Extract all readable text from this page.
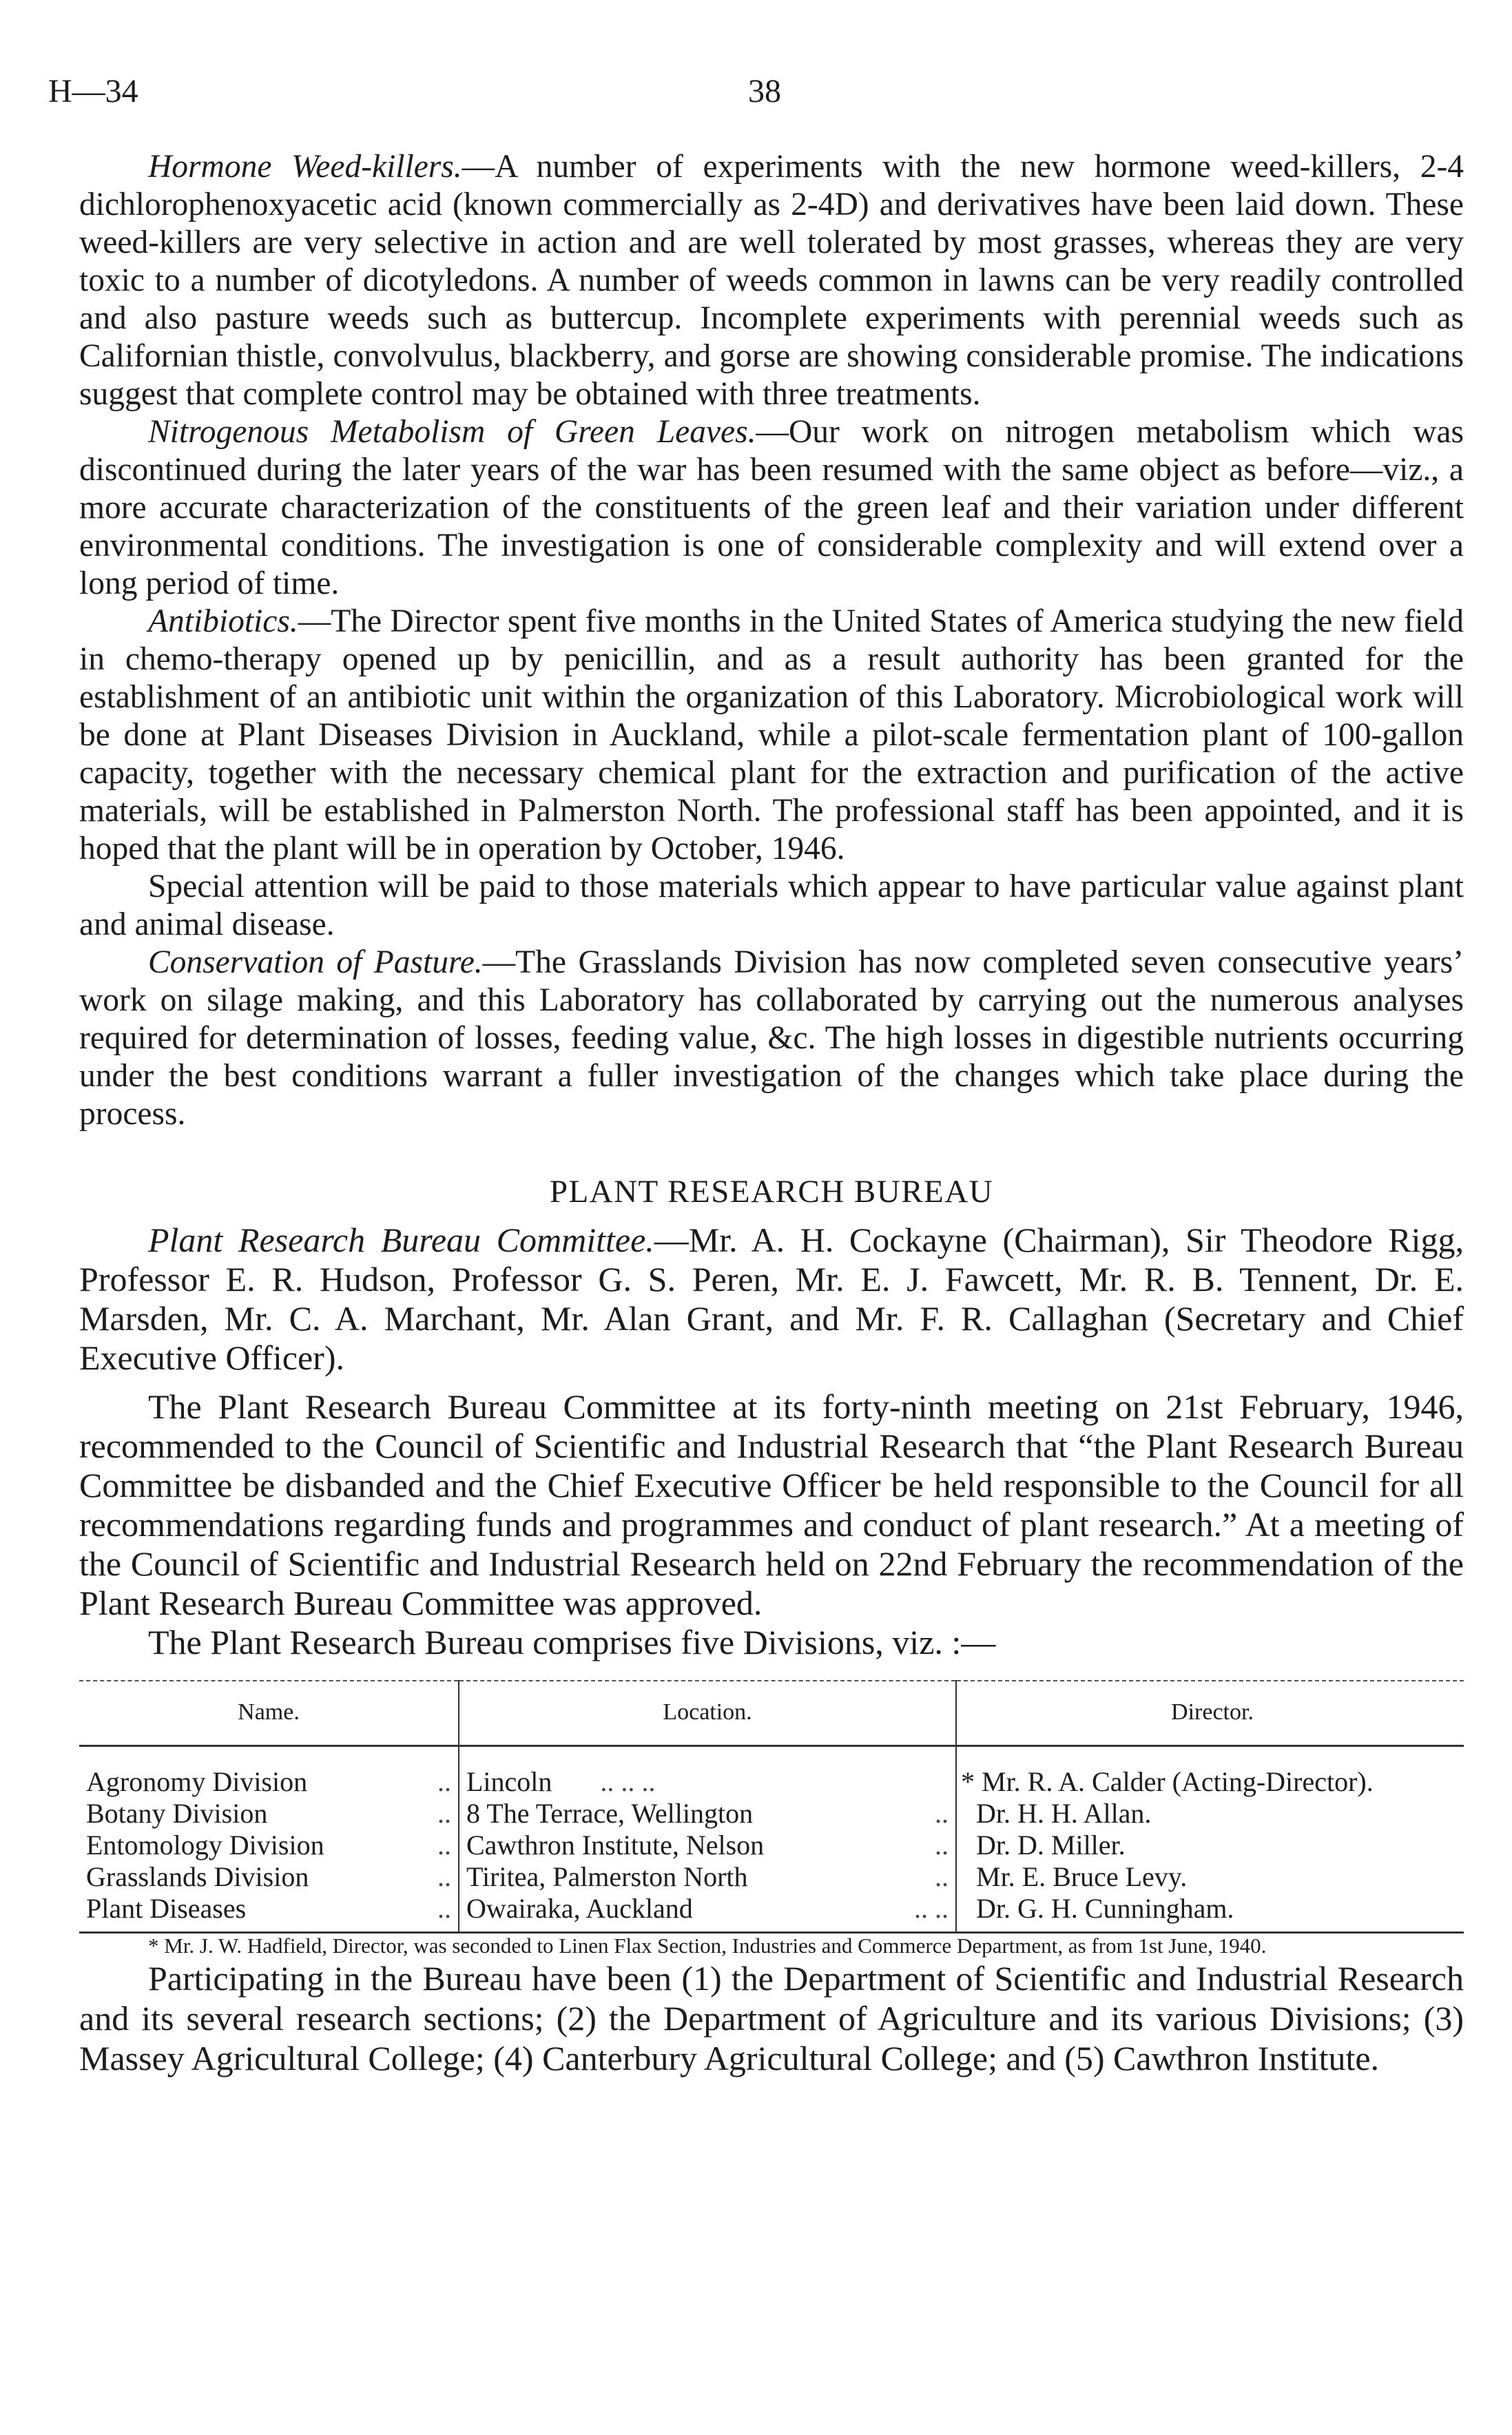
H—34	38

Hormone Weed-killers.—A number of experiments with the new hormone weed-killers, 2-4 dichlorophenoxyacetic acid (known commercially as 2-4D) and derivatives have been laid down. These weed-killers are very selective in action and are well tolerated by most grasses, whereas they are very toxic to a number of dicotyledons. A number of weeds common in lawns can be very readily controlled and also pasture weeds such as buttercup. Incomplete experiments with perennial weeds such as Californian thistle, convolvulus, blackberry, and gorse are showing considerable promise. The indications suggest that complete control may be obtained with three treatments.

Nitrogenous Metabolism of Green Leaves.—Our work on nitrogen metabolism which was discontinued during the later years of the war has been resumed with the same object as before—viz., a more accurate characterization of the constituents of the green leaf and their variation under different environmental conditions. The investigation is one of considerable complexity and will extend over a long period of time.

Antibiotics.—The Director spent five months in the United States of America studying the new field in chemo-therapy opened up by penicillin, and as a result authority has been granted for the establishment of an antibiotic unit within the organization of this Laboratory. Microbiological work will be done at Plant Diseases Division in Auckland, while a pilot-scale fermentation plant of 100-gallon capacity, together with the necessary chemical plant for the extraction and purification of the active materials, will be established in Palmerston North. The professional staff has been appointed, and it is hoped that the plant will be in operation by October, 1946.

Special attention will be paid to those materials which appear to have particular value against plant and animal disease.

Conservation of Pasture.—The Grasslands Division has now completed seven consecutive years’ work on silage making, and this Laboratory has collaborated by carrying out the numerous analyses required for determination of losses, feeding value, &c. The high losses in digestible nutrients occurring under the best conditions warrant a fuller investigation of the changes which take place during the process.

PLANT RESEARCH BUREAU

Plant Research Bureau Committee.—Mr. A. H. Cockayne (Chairman), Sir Theodore Rigg, Professor E. R. Hudson, Professor G. S. Peren, Mr. E. J. Fawcett, Mr. R. B. Tennent, Dr. E. Marsden, Mr. C. A. Marchant, Mr. Alan Grant, and Mr. F. R. Callaghan (Secretary and Chief Executive Officer).

The Plant Research Bureau Committee at its forty-ninth meeting on 21st February, 1946, recommended to the Council of Scientific and Industrial Research that “the Plant Research Bureau Committee be disbanded and the Chief Executive Officer be held responsible to the Council for all recommendations regarding funds and programmes and conduct of plant research.” At a meeting of the Council of Scientific and Industrial Research held on 22nd February the recommendation of the Plant Research Bureau Committee was approved.

The Plant Research Bureau comprises five Divisions, viz. :—

Name.	Location.	Director.
Agronomy Division ..	Lincoln .. .. ..	* Mr. R. A. Calder (Acting-Director).
Botany Division ..	8 The Terrace, Wellington ..	Dr. H. H. Allan.
Entomology Division ..	Cawthron Institute, Nelson ..	Dr. D. Miller.
Grasslands Division ..	Tiritea, Palmerston North ..	Mr. E. Bruce Levy.
Plant Diseases ..	Owairaka, Auckland .. ..	Dr. G. H. Cunningham.

* Mr. J. W. Hadfield, Director, was seconded to Linen Flax Section, Industries and Commerce Department, as from 1st June, 1940.

Participating in the Bureau have been (1) the Department of Scientific and Industrial Research and its several research sections; (2) the Department of Agriculture and its various Divisions; (3) Massey Agricultural College; (4) Canterbury Agricultural College; and (5) Cawthron Institute.
